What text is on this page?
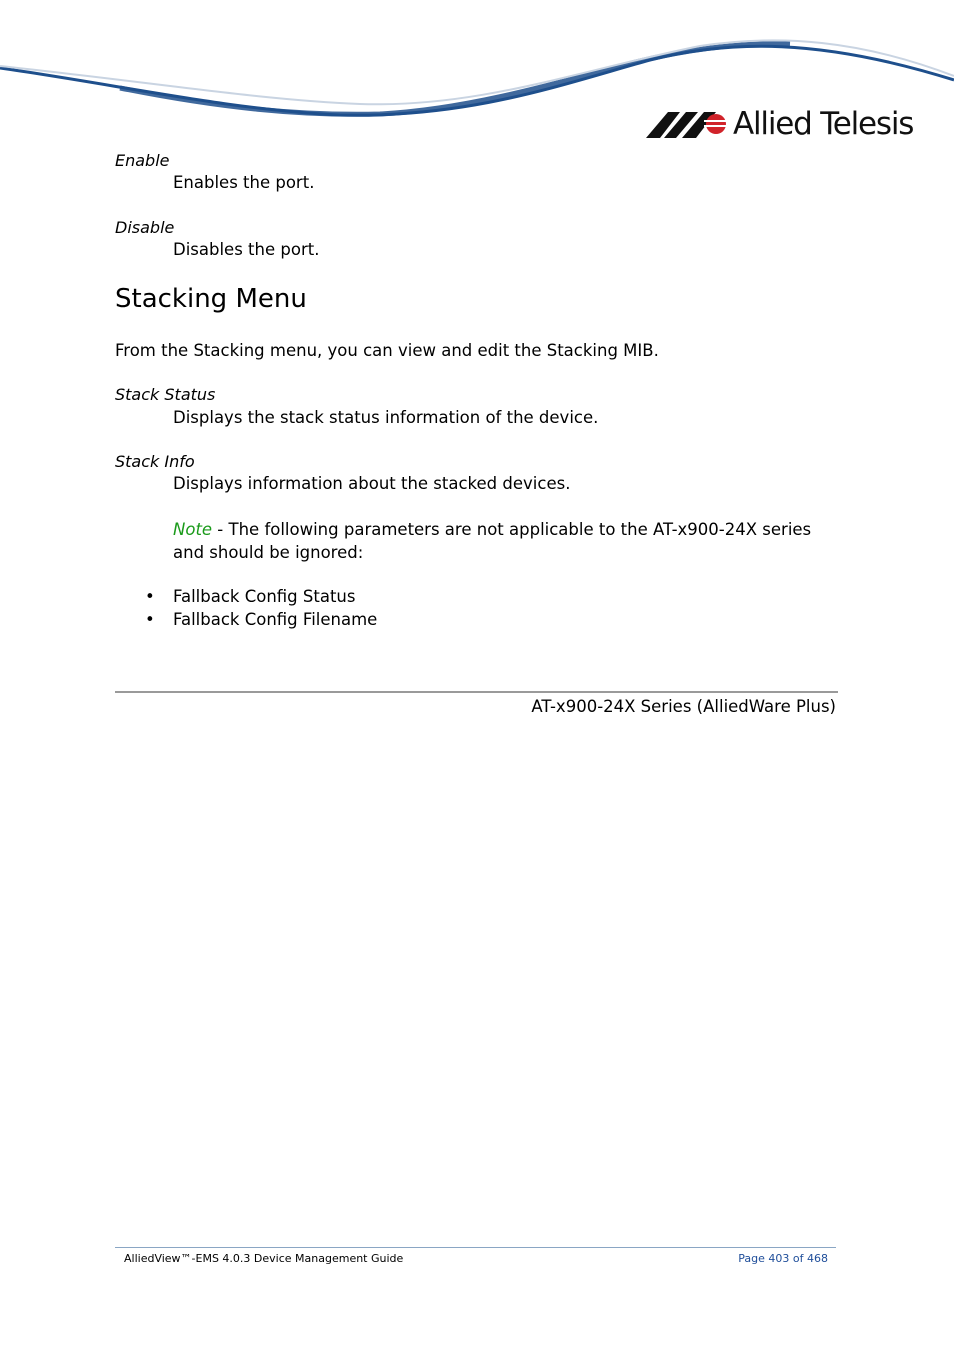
Allied Telesis
Enable
Enables the port.
Disable
Disables the port.
Stacking Menu
From the Stacking menu, you can view and edit the Stacking MIB.
Stack Status
Displays the stack status information of the device.
Stack Info
Displays information about the stacked devices.
Note - The following parameters are not applicable to the AT-x900-24X series and should be ignored:
• Fallback Config Status
• Fallback Config Filename
AT-x900-24X Series (AlliedWare Plus)
AlliedView™-EMS 4.0.3 Device Management Guide	Page 403 of 468
